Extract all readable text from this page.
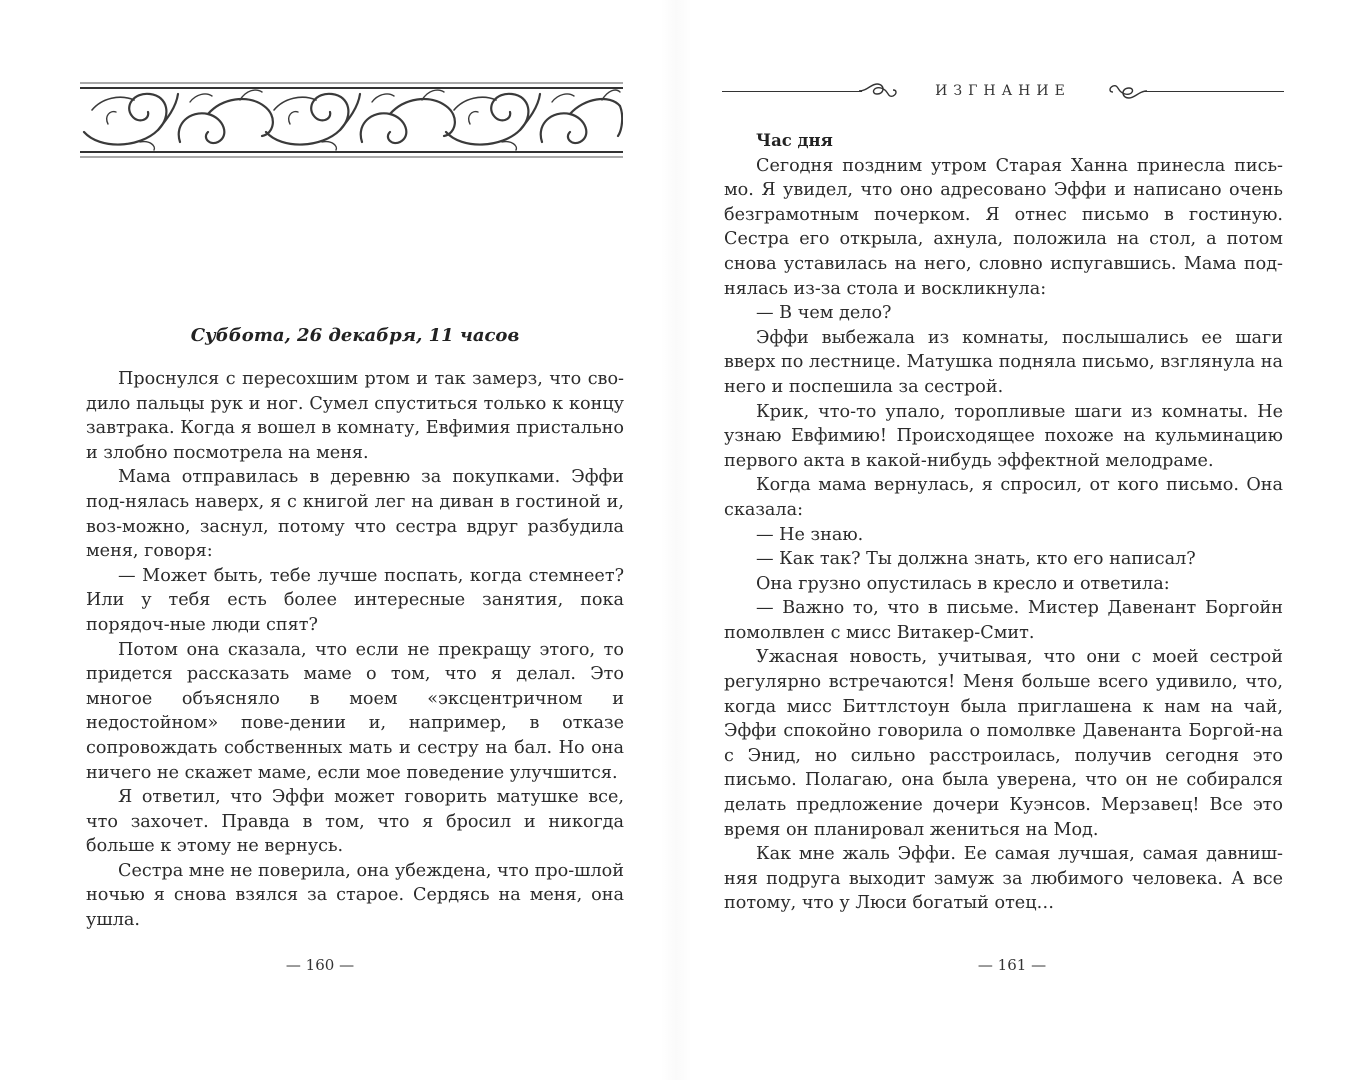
Суббота, 26 декабря, 11 часов

Проснулся с пересохшим ртом и так замерз, что сво-дило пальцы рук и ног. Сумел спуститься только к концу завтрака. Когда я вошел в комнату, Евфимия пристально и злобно посмотрела на меня.

Мама отправилась в деревню за покупками. Эффи под-нялась наверх, я с книгой лег на диван в гостиной и, воз-можно, заснул, потому что сестра вдруг разбудила меня, говоря:

— Может быть, тебе лучше поспать, когда стемнеет? Или у тебя есть более интересные занятия, пока порядоч-ные люди спят?

Потом она сказала, что если не прекращу этого, то придется рассказать маме о том, что я делал. Это многое объясняло в моем «эксцентричном и недостойном» пове-дении и, например, в отказе сопровождать собственных мать и сестру на бал. Но она ничего не скажет маме, если мое поведение улучшится.

Я ответил, что Эффи может говорить матушке все, что захочет. Правда в том, что я бросил и никогда больше к этому не вернусь.

Сестра мне не поверила, она убеждена, что про-шлой ночью я снова взялся за старое. Сердясь на меня, она ушла.

— 160 —
ИЗГНАНИЕ

Час дня

Сегодня поздним утром Старая Ханна принесла пись-мо. Я увидел, что оно адресовано Эффи и написано очень безграмотным почерком. Я отнес письмо в гостиную. Сестра его открыла, ахнула, положила на стол, а потом снова уставилась на него, словно испугавшись. Мама под-нялась из-за стола и воскликнула:

— В чем дело?

Эффи выбежала из комнаты, послышались ее шаги вверх по лестнице. Матушка подняла письмо, взглянула на него и поспешила за сестрой.

Крик, что-то упало, торопливые шаги из комнаты. Не узнаю Евфимию! Происходящее похоже на кульминацию первого акта в какой-нибудь эффектной мелодраме.

Когда мама вернулась, я спросил, от кого письмо. Она сказала:

— Не знаю.

— Как так? Ты должна знать, кто его написал?

Она грузно опустилась в кресло и ответила:

— Важно то, что в письме. Мистер Давенант Боргойн помолвлен с мисс Витакер-Смит.

Ужасная новость, учитывая, что они с моей сестрой регулярно встречаются! Меня больше всего удивило, что, когда мисс Биттлстоун была приглашена к нам на чай, Эффи спокойно говорила о помолвке Давенанта Боргой-на с Энид, но сильно расстроилась, получив сегодня это письмо. Полагаю, она была уверена, что он не собирался делать предложение дочери Куэнсов. Мерзавец! Все это время он планировал жениться на Мод.

Как мне жаль Эффи. Ее самая лучшая, самая давниш-няя подруга выходит замуж за любимого человека. А все потому, что у Люси богатый отец…

— 161 —
